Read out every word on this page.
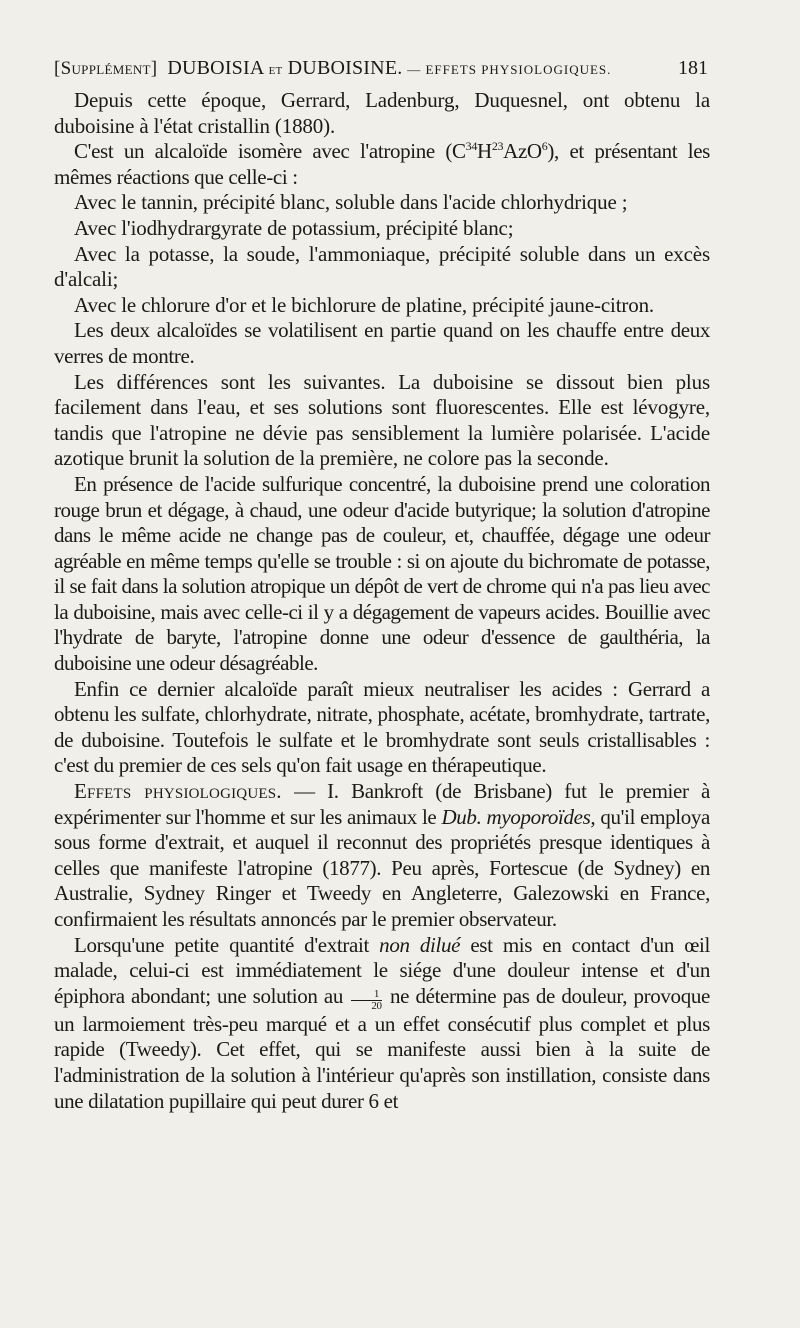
[Supplément] DUBOISIA et DUBOISINE. — EFFETS PHYSIOLOGIQUES.	181

Depuis cette époque, Gerrard, Ladenburg, Duquesnel, ont obtenu la duboisine à l'état cristallin (1880).

C'est un alcaloïde isomère avec l'atropine $(C^{34}H^{23}AzO^6)$, et présentant les mêmes réactions que celle-ci :

Avec le tannin, précipité blanc, soluble dans l'acide chlorhydrique ;

Avec l'iodhydrargyrate de potassium, précipité blanc;

Avec la potasse, la soude, l'ammoniaque, précipité soluble dans un excès d'alcali;

Avec le chlorure d'or et le bichlorure de platine, précipité jaune-citron.

Les deux alcaloïdes se volatilisent en partie quand on les chauffe entre deux verres de montre.

Les différences sont les suivantes. La duboisine se dissout bien plus facilement dans l'eau, et ses solutions sont fluorescentes. Elle est lévogyre, tandis que l'atropine ne dévie pas sensiblement la lumière polarisée. L'acide azotique brunit la solution de la première, ne colore pas la seconde.

En présence de l'acide sulfurique concentré, la duboisine prend une coloration rouge brun et dégage, à chaud, une odeur d'acide butyrique; la solution d'atropine dans le même acide ne change pas de couleur, et, chauffée, dégage une odeur agréable en même temps qu'elle se trouble : si on ajoute du bichromate de potasse, il se fait dans la solution atropique un dépôt de vert de chrome qui n'a pas lieu avec la duboisine, mais avec celle-ci il y a dégagement de vapeurs acides. Bouillie avec l'hydrate de baryte, l'atropine donne une odeur d'essence de gaulthéria, la duboisine une odeur désagréable.

Enfin ce dernier alcaloïde paraît mieux neutraliser les acides : Gerrard a obtenu les sulfate, chlorhydrate, nitrate, phosphate, acétate, bromhydrate, tartrate, de duboisine. Toutefois le sulfate et le bromhydrate sont seuls cristallisables : c'est du premier de ces sels qu'on fait usage en thérapeutique.

Effets physiologiques. — I. Bankroft (de Brisbane) fut le premier à expérimenter sur l'homme et sur les animaux le Dub. myoporoïdes, qu'il employa sous forme d'extrait, et auquel il reconnut des propriétés presque identiques à celles que manifeste l'atropine (1877). Peu après, Fortescue (de Sydney) en Australie, Sydney Ringer et Tweedy en Angleterre, Galezowski en France, confirmaient les résultats annoncés par le premier observateur.

Lorsqu'une petite quantité d'extrait non dilué est mis en contact d'un œil malade, celui-ci est immédiatement le siége d'une douleur intense et d'un épiphora abondant; une solution au $\frac{1}{20}$ ne détermine pas de douleur, provoque un larmoiement très-peu marqué et a un effet consécutif plus complet et plus rapide (Tweedy). Cet effet, qui se manifeste aussi bien à la suite de l'administration de la solution à l'intérieur qu'après son instillation, consiste dans une dilatation pupillaire qui peut durer 6 et
